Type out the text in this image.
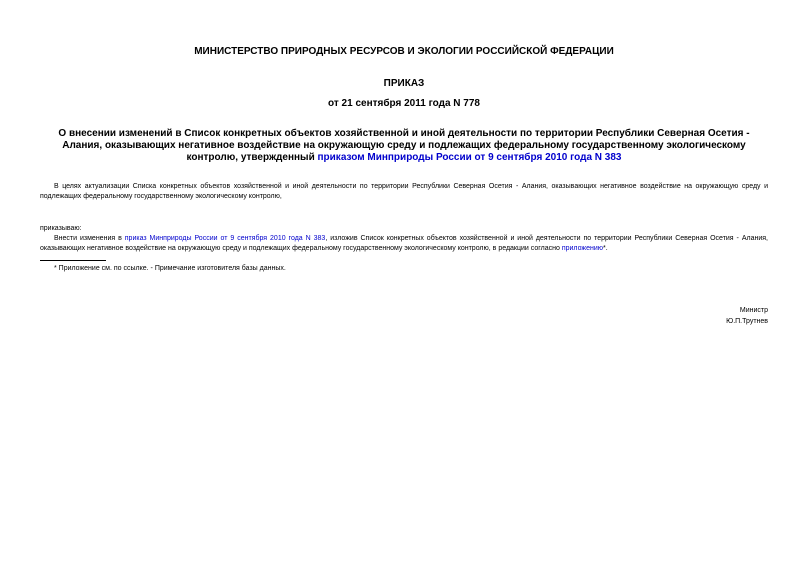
МИНИСТЕРСТВО ПРИРОДНЫХ РЕСУРСОВ И ЭКОЛОГИИ РОССИЙСКОЙ ФЕДЕРАЦИИ
ПРИКАЗ
от 21 сентября 2011 года N 778
О внесении изменений в Список конкретных объектов хозяйственной и иной деятельности по территории Республики Северная Осетия - Алания, оказывающих негативное воздействие на окружающую среду и подлежащих федеральному государственному экологическому контролю, утвержденный приказом Минприроды России от 9 сентября 2010 года N 383
В целях актуализации Списка конкретных объектов хозяйственной и иной деятельности по территории Республики Северная Осетия - Алания, оказывающих негативное воздействие на окружающую среду и подлежащих федеральному государственному экологическому контролю,
приказываю:
Внести изменения в приказ Минприроды России от 9 сентября 2010 года N 383, изложив Список конкретных объектов хозяйственной и иной деятельности по территории Республики Северная Осетия - Алания, оказывающих негативное воздействие на окружающую среду и подлежащих федеральному государственному экологическому контролю, в редакции согласно приложению*.
* Приложение см. по ссылке. - Примечание изготовителя базы данных.
Министр
Ю.П.Трутнев
